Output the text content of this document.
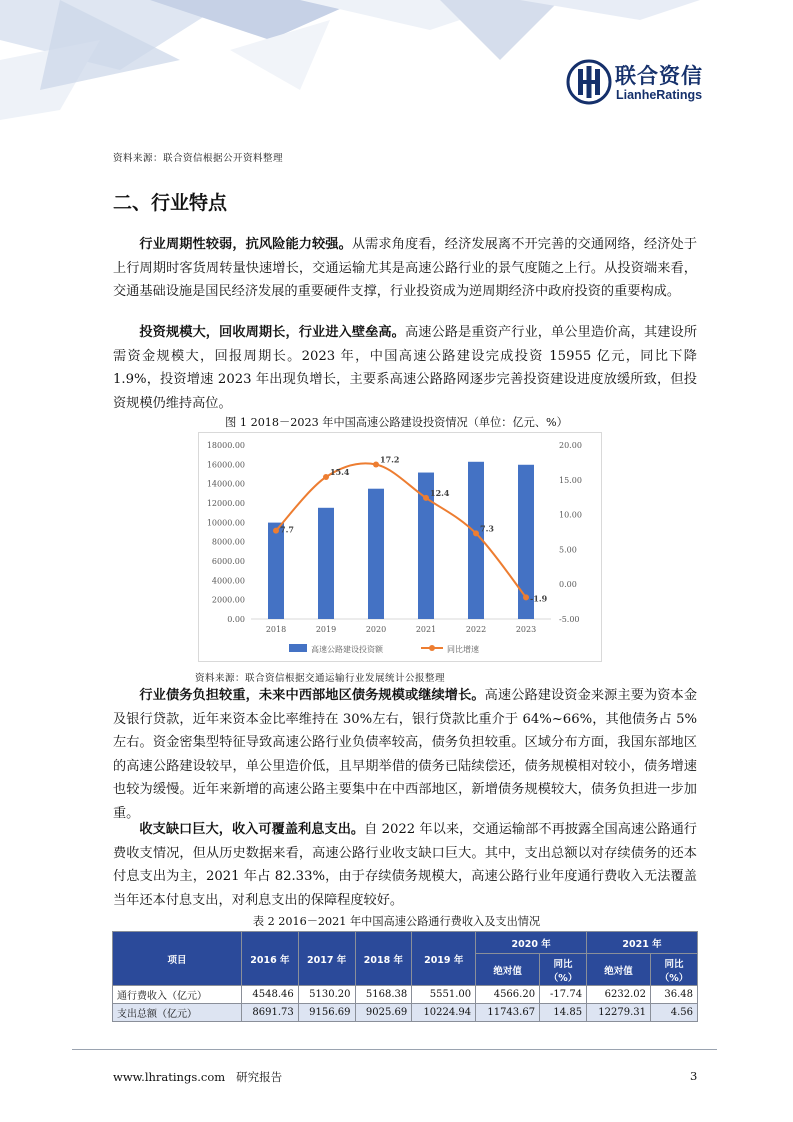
联合资信
LianheRatings
资料来源：联合资信根据公开资料整理
二、行业特点

行业周期性较弱，抗风险能力较强。从需求角度看，经济发展离不开完善的交通网络，经济处于上行周期时客货周转量快速增长，交通运输尤其是高速公路行业的景气度随之上行。从投资端来看，交通基础设施是国民经济发展的重要硬件支撑，行业投资成为逆周期经济中政府投资的重要构成。

投资规模大，回收周期长，行业进入壁垒高。高速公路是重资产行业，单公里造价高，其建设所需资金规模大，回报周期长。2023 年，中国高速公路建设完成投资 15955 亿元，同比下降 1.9%，投资增速 2023 年出现负增长，主要系高速公路路网逐步完善投资建设进度放缓所致，但投资规模仍维持高位。

图 1 2018－2023 年中国高速公路建设投资情况（单位：亿元、%）
0.00
2000.00
4000.00
6000.00
8000.00
10000.00
12000.00
14000.00
16000.00
18000.00
-5.00
0.00
5.00
10.00
15.00
20.00
2018	2019	2020	2021	2022	2023
7.7
15.4
17.2
12.4
7.3
-1.9
高速公路建设投资额	同比增速
资料来源：联合资信根据交通运输行业发展统计公报整理

行业债务负担较重，未来中西部地区债务规模或继续增长。高速公路建设资金来源主要为资本金及银行贷款，近年来资本金比率维持在 30%左右，银行贷款比重介于 64%~66%，其他债务占 5%左右。资金密集型特征导致高速公路行业负债率较高，债务负担较重。区域分布方面，我国东部地区的高速公路建设较早，单公里造价低，且早期举借的债务已陆续偿还，债务规模相对较小，债务增速也较为缓慢。近年来新增的高速公路主要集中在中西部地区，新增债务规模较大，债务负担进一步加重。

收支缺口巨大，收入可覆盖利息支出。自 2022 年以来，交通运输部不再披露全国高速公路通行费收支情况，但从历史数据来看，高速公路行业收支缺口巨大。其中，支出总额以对存续债务的还本付息支出为主，2021 年占 82.33%，由于存续债务规模大，高速公路行业年度通行费收入无法覆盖当年还本付息支出，对利息支出的保障程度较好。

表 2 2016－2021 年中国高速公路通行费收入及支出情况
项目	2016 年	2017 年	2018 年	2019 年	2020 年		2021 年	
					绝对值	同比（%）	绝对值	同比（%）
通行费收入（亿元）	4548.46	5130.20	5168.38	5551.00	4566.20	-17.74	6232.02	36.48
支出总额（亿元）	8691.73	9156.69	9025.69	10224.94	11743.67	14.85	12279.31	4.56
www.lhratings.com 研究报告	3
